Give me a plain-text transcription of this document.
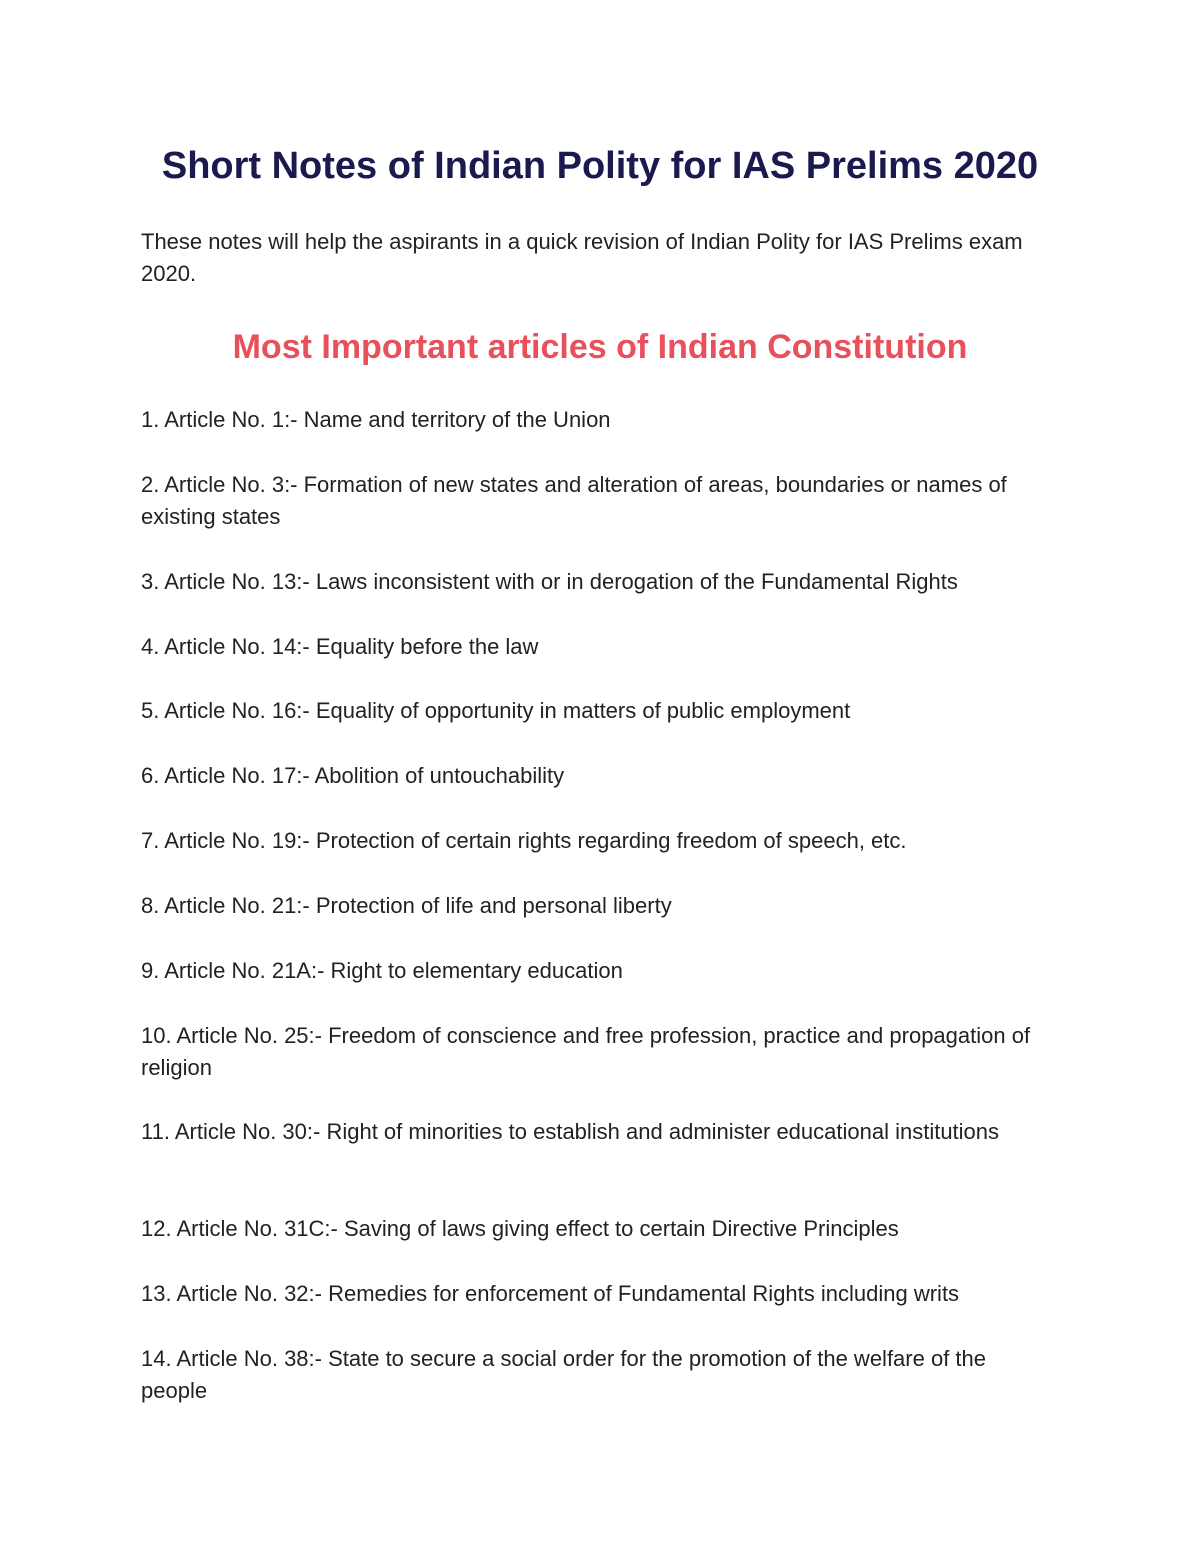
Short Notes of Indian Polity for IAS Prelims 2020

These notes will help the aspirants in a quick revision of Indian Polity for IAS Prelims exam 2020.

Most Important articles of Indian Constitution

1. Article No. 1:- Name and territory of the Union

2. Article No. 3:- Formation of new states and alteration of areas, boundaries or names of existing states

3. Article No. 13:- Laws inconsistent with or in derogation of the Fundamental Rights

4. Article No. 14:- Equality before the law

5. Article No. 16:- Equality of opportunity in matters of public employment

6. Article No. 17:- Abolition of untouchability

7. Article No. 19:- Protection of certain rights regarding freedom of speech, etc.

8. Article No. 21:- Protection of life and personal liberty

9. Article No. 21A:- Right to elementary education

10. Article No. 25:- Freedom of conscience and free profession, practice and propagation of religion

11. Article No. 30:- Right of minorities to establish and administer educational institutions

12. Article No. 31C:- Saving of laws giving effect to certain Directive Principles

13. Article No. 32:- Remedies for enforcement of Fundamental Rights including writs

14. Article No. 38:- State to secure a social order for the promotion of the welfare of the people
